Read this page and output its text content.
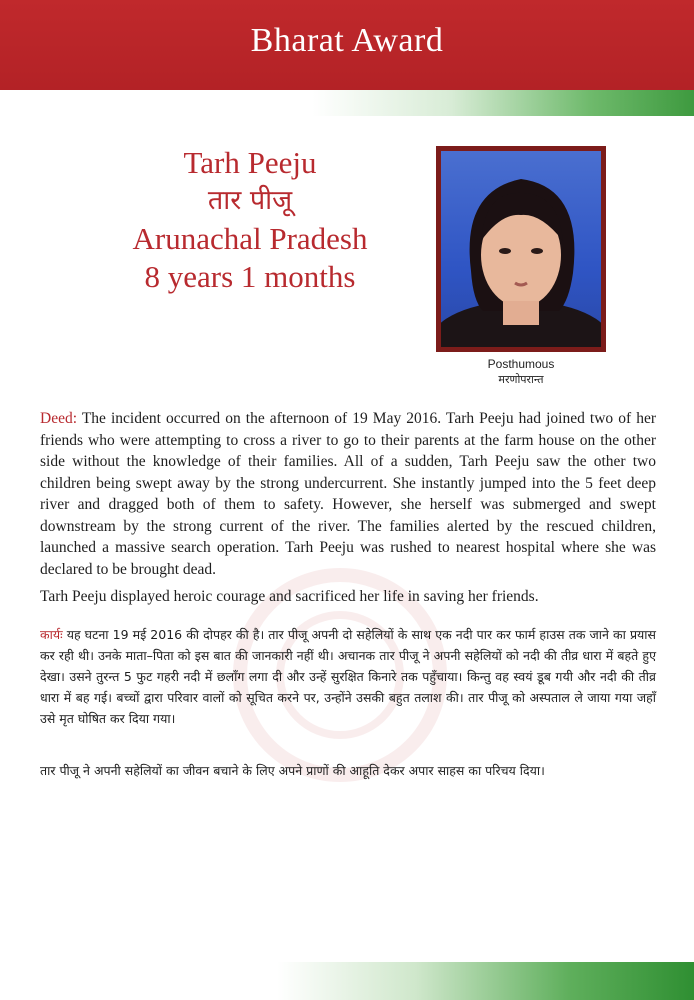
Bharat Award
Tarh Peeju
तार पीजू
Arunachal Pradesh
8 years 1 months
Posthumous
मरणोपरान्त

Deed: The incident occurred on the afternoon of 19 May 2016. Tarh Peeju had joined two of her friends who were attempting to cross a river to go to their parents at the farm house on the other side without the knowledge of their families. All of a sudden, Tarh Peeju saw the other two children being swept away by the strong undercurrent. She instantly jumped into the 5 feet deep river and dragged both of them to safety. However, she herself was submerged and swept downstream by the strong current of the river. The families alerted by the rescued children, launched a massive search operation. Tarh Peeju was rushed to nearest hospital where she was declared to be brought dead.

Tarh Peeju displayed heroic courage and sacrificed her life in saving her friends.

कार्यः यह घटना 19 मई 2016 की दोपहर की है। तार पीजू अपनी दो सहेलियों के साथ एक नदी पार कर फार्म हाउस तक जाने का प्रयास कर रही थी। उनके माता–पिता को इस बात की जानकारी नहीं थी। अचानक तार पीजू ने अपनी सहेलियों को नदी की तीव्र धारा में बहते हुए देखा। उसने तुरन्त 5 फुट गहरी नदी में छलाँग लगा दी और उन्हें सुरक्षित किनारे तक पहुँचाया। किन्तु वह स्वयं डूब गयी और नदी की तीव्र धारा में बह गई। बच्चों द्वारा परिवार वालों को सूचित करने पर, उन्होंने उसकी बहुत तलाश की। तार पीजू को अस्पताल ले जाया गया जहाँ उसे मृत घोषित कर दिया गया।

तार पीजू ने अपनी सहेलियों का जीवन बचाने के लिए अपने प्राणों की आहूति देकर अपार साहस का परिचय दिया।
